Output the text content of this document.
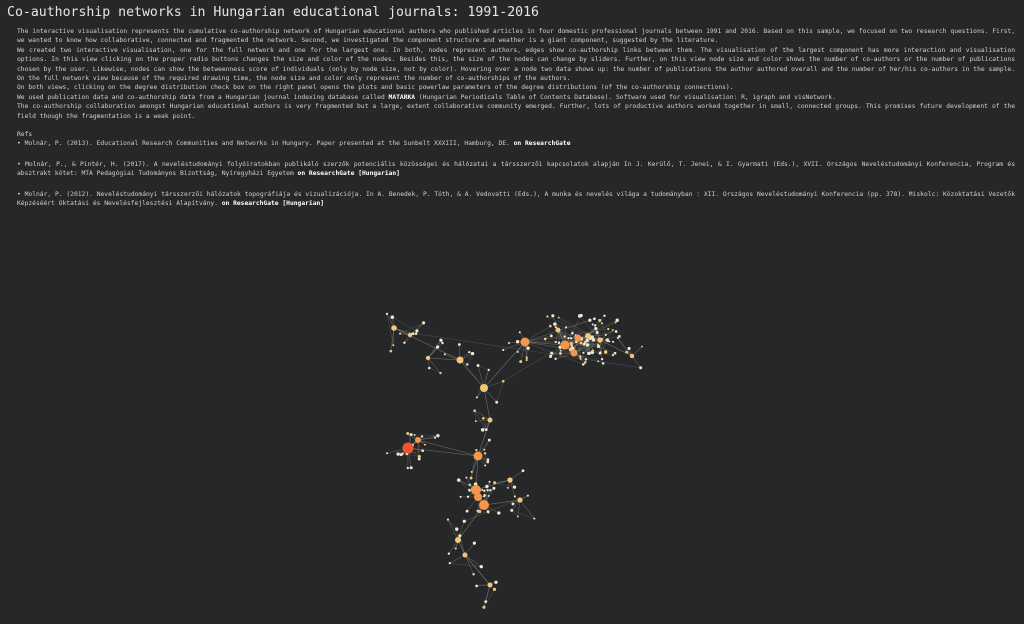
Co-authorship networks in Hungarian educational journals: 1991-2016

The interactive visualisation represents the cumulative co-authorship network of Hungarian educational authors who published articles in four domestic professional journals between 1991 and 2016. Based on this sample, we focused on two research questions. First, we wanted to know how collaborative, connected and fragmented the network. Second, we investigated the component structure and weather is a giant component, suggested by the literature.

We created two interactive visualisation, one for the full network and one for the largest one. In both, nodes represent authors, edges show co-authorship links between them. The visualisation of the largest component has more interaction and visualisation options. In this view clicking on the proper radio buttons changes the size and color of the nodes. Besides this, the size of the nodes can change by sliders. Further, on this view node size and color shows the number of co-authors or the number of publications chosen by the user. Likewise, nodes can show the betweenness score of individuals (only by node size, not by color). Hovering over a node two data shows up: the number of publications the author authored overall and the number of her/his co-authors in the sample. On the full network view because of the required drawing time, the node size and color only represent the number of co-authorships of the authors.

On both views, clicking on the degree distribution check box on the right panel opens the plots and basic powerlaw parameters of the degree distributions (of the co-authorship connections).

We used publication data and co-authorship data from a Hungarian journal indexing database called MATARKA (Hungarian Periodicals Table of Contents Database). Software used for visualisation: R, igraph and visNetwork.

The co-authorship collaboration amongst Hungarian educational authors is very fragmented but a large, extent collaborative community emerged. Further, lots of productive authors worked together in small, connected groups. This promises future development of the field though the fragmentation is a weak point.

Refs

• Molnár, P. (2013). Educational Research Communities and Networks in Hungary. Paper presented at the Sunbelt XXXIII, Hamburg, DE. on ResearchGate

• Molnár, P., & Pintér, H. (2017). A neveléstudományi folyóiratokban publikáló szerzők potenciális közösségei és hálózatai a társszerzői kapcsolatok alapján In J. Kerülő, T. Jenei, & I. Gyarmati (Eds.), XVII. Országos Neveléstudományi Konferencia, Program és absztrakt kötet: MTA Pedagógiai Tudományos Bizottság, Nyíregyházi Egyetem on ResearchGate [Hungarian]

• Molnár, P. (2012). Neveléstudományi társszerzői hálózatok topográfiája és vizualizációja. In A. Benedek, P. Tóth, & A. Vedovatti (Eds.), A munka és nevelés világa a tudományban : XII. Országos Neveléstudományi Konferencia (pp. 378). Miskolc: Közoktatási Vezetők Képzéséért Oktatási és Nevelésfejlesztési Alapítvány. on ResearchGate [Hungarian]
